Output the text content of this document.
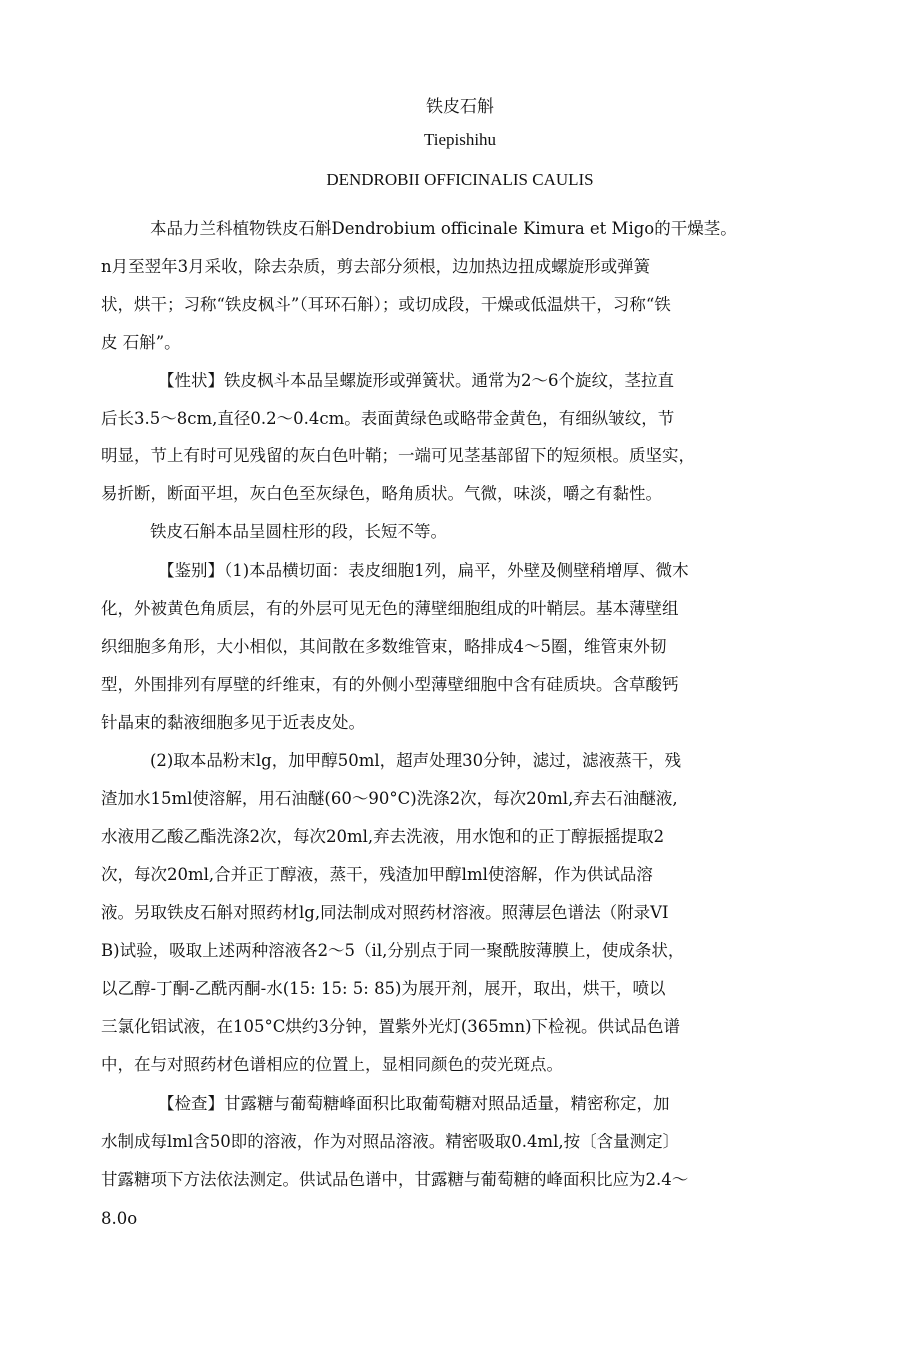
铁皮石斛
Tiepishihu
DENDROBII OFFICINALIS CAULIS
本品力兰科植物铁皮石斛Dendrobium officinale Kimura et Migo的干燥茎。
n月至翌年3月采收，除去杂质，剪去部分须根，边加热边扭成螺旋形或弹簧
状，烘干；习称“铁皮枫斗”（耳环石斛）；或切成段，干燥或低温烘干，习称“铁
皮 石斛”。
【性状】铁皮枫斗本品呈螺旋形或弹簧状。通常为2～6个旋纹，茎拉直
后长3.5～8cm,直径0.2～0.4cm。表面黄绿色或略带金黄色，有细纵皱纹，节
明显，节上有时可见残留的灰白色叶鞘；一端可见茎基部留下的短须根。质坚实，
易折断，断面平坦，灰白色至灰绿色，略角质状。气微，味淡，嚼之有黏性。
铁皮石斛本品呈圆柱形的段，长短不等。
【鉴别】（1)本品横切面：表皮细胞1列，扁平，外壁及侧壁稍增厚、微木
化，外被黄色角质层，有的外层可见无色的薄壁细胞组成的叶鞘层。基本薄壁组
织细胞多角形，大小相似，其间散在多数维管束，略排成4～5圈，维管束外韧
型，外围排列有厚壁的纤维束，有的外侧小型薄壁细胞中含有硅质块。含草酸钙
针晶束的黏液细胞多见于近表皮处。
(2)取本品粉末lg，加甲醇50ml，超声处理30分钟，滤过，滤液蒸干，残
渣加水15ml使溶解，用石油醚(60～90°C)洗涤2次，每次20ml,弃去石油醚液,
水液用乙酸乙酯洗涤2次，每次20ml,弃去洗液，用水饱和的正丁醇振摇提取2
次，每次20ml,合并正丁醇液，蒸干，残渣加甲醇lml使溶解，作为供试品溶
液。另取铁皮石斛对照药材lg,同法制成对照药材溶液。照薄层色谱法（附录VI
B)试验，吸取上述两种溶液各2～5（il,分别点于同一聚酰胺薄膜上，使成条状，
以乙醇-丁酮-乙酰丙酮-水(15: 15: 5: 85)为展开剂，展开，取出，烘干，喷以
三氯化铝试液，在105°C烘约3分钟，置紫外光灯(365mn)下检视。供试品色谱
中，在与对照药材色谱相应的位置上，显相同颜色的荧光斑点。
【检查】甘露糖与葡萄糖峰面积比取葡萄糖对照品适量，精密称定，加
水制成每lml含50即的溶液，作为对照品溶液。精密吸取0.4ml,按〔含量测定〕
甘露糖项下方法依法测定。供试品色谱中，甘露糖与葡萄糖的峰面积比应为2.4～
8.0o
